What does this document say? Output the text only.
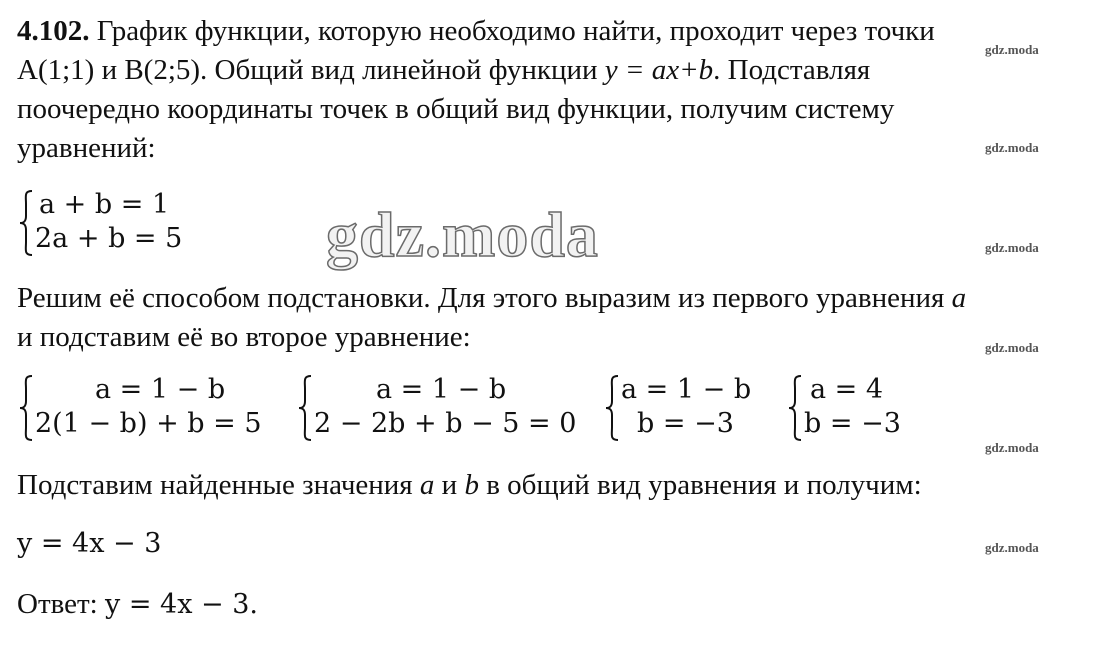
gdz.moda
gdz.moda
gdz.moda
gdz.moda
gdz.moda
gdz.moda
gdz.moda
4.102. График функции, которую необходимо найти, проходит через точки
A(1;1) и B(2;5). Общий вид линейной функции y = ax+b. Подставляя
поочередно координаты точек в общий вид функции, получим систему
уравнений:
a + b = 1
2a + b = 5
Решим её способом подстановки. Для этого выразим из первого уравнения a
и подставим её во второе уравнение:
a = 1 − b
2(1 − b) + b = 5
a = 1 − b
2 − 2b + b − 5 = 0
a = 1 − b
b = −3
a = 4
b = −3
Подставим найденные значения a и b в общий вид уравнения и получим:
y = 4x − 3
Ответ: y = 4x − 3.
